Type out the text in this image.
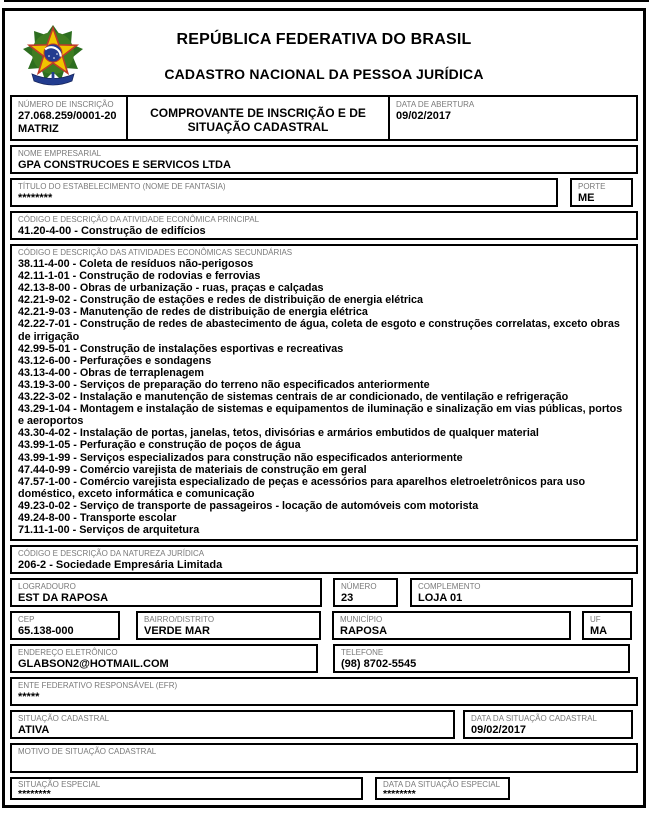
REPÚBLICA FEDERATIVA DO BRASIL
CADASTRO NACIONAL DA PESSOA JURÍDICA
NÚMERO DE INSCRIÇÃO
27.068.259/0001-20
MATRIZ
COMPROVANTE DE INSCRIÇÃO E DE SITUAÇÃO CADASTRAL
DATA DE ABERTURA
09/02/2017
NOME EMPRESARIAL
GPA CONSTRUCOES E SERVICOS LTDA
TÍTULO DO ESTABELECIMENTO (NOME DE FANTASIA)
********
PORTE
ME
CÓDIGO E DESCRIÇÃO DA ATIVIDADE ECONÔMICA PRINCIPAL
41.20-4-00 - Construção de edifícios
CÓDIGO E DESCRIÇÃO DAS ATIVIDADES ECONÔMICAS SECUNDÁRIAS
38.11-4-00 - Coleta de resíduos não-perigosos
42.11-1-01 - Construção de rodovias e ferrovias
42.13-8-00 - Obras de urbanização - ruas, praças e calçadas
42.21-9-02 - Construção de estações e redes de distribuição de energia elétrica
42.21-9-03 - Manutenção de redes de distribuição de energia elétrica
42.22-7-01 - Construção de redes de abastecimento de água, coleta de esgoto e construções correlatas, exceto obras de irrigação
42.99-5-01 - Construção de instalações esportivas e recreativas
43.12-6-00 - Perfurações e sondagens
43.13-4-00 - Obras de terraplenagem
43.19-3-00 - Serviços de preparação do terreno não especificados anteriormente
43.22-3-02 - Instalação e manutenção de sistemas centrais de ar condicionado, de ventilação e refrigeração
43.29-1-04 - Montagem e instalação de sistemas e equipamentos de iluminação e sinalização em vias públicas, portos e aeroportos
43.30-4-02 - Instalação de portas, janelas, tetos, divisórias e armários embutidos de qualquer material
43.99-1-05 - Perfuração e construção de poços de água
43.99-1-99 - Serviços especializados para construção não especificados anteriormente
47.44-0-99 - Comércio varejista de materiais de construção em geral
47.57-1-00 - Comércio varejista especializado de peças e acessórios para aparelhos eletroeletrônicos para uso doméstico, exceto informática e comunicação
49.23-0-02 - Serviço de transporte de passageiros - locação de automóveis com motorista
49.24-8-00 - Transporte escolar
71.11-1-00 - Serviços de arquitetura
CÓDIGO E DESCRIÇÃO DA NATUREZA JURÍDICA
206-2 - Sociedade Empresária Limitada
LOGRADOURO
EST DA RAPOSA
NÚMERO
23
COMPLEMENTO
LOJA 01
CEP
65.138-000
BAIRRO/DISTRITO
VERDE MAR
MUNICÍPIO
RAPOSA
UF
MA
ENDEREÇO ELETRÔNICO
GLABSON2@HOTMAIL.COM
TELEFONE
(98) 8702-5545
ENTE FEDERATIVO RESPONSÁVEL (EFR)
*****
SITUAÇÃO CADASTRAL
ATIVA
DATA DA SITUAÇÃO CADASTRAL
09/02/2017
MOTIVO DE SITUAÇÃO CADASTRAL
SITUAÇÃO ESPECIAL
********
DATA DA SITUAÇÃO ESPECIAL
********
